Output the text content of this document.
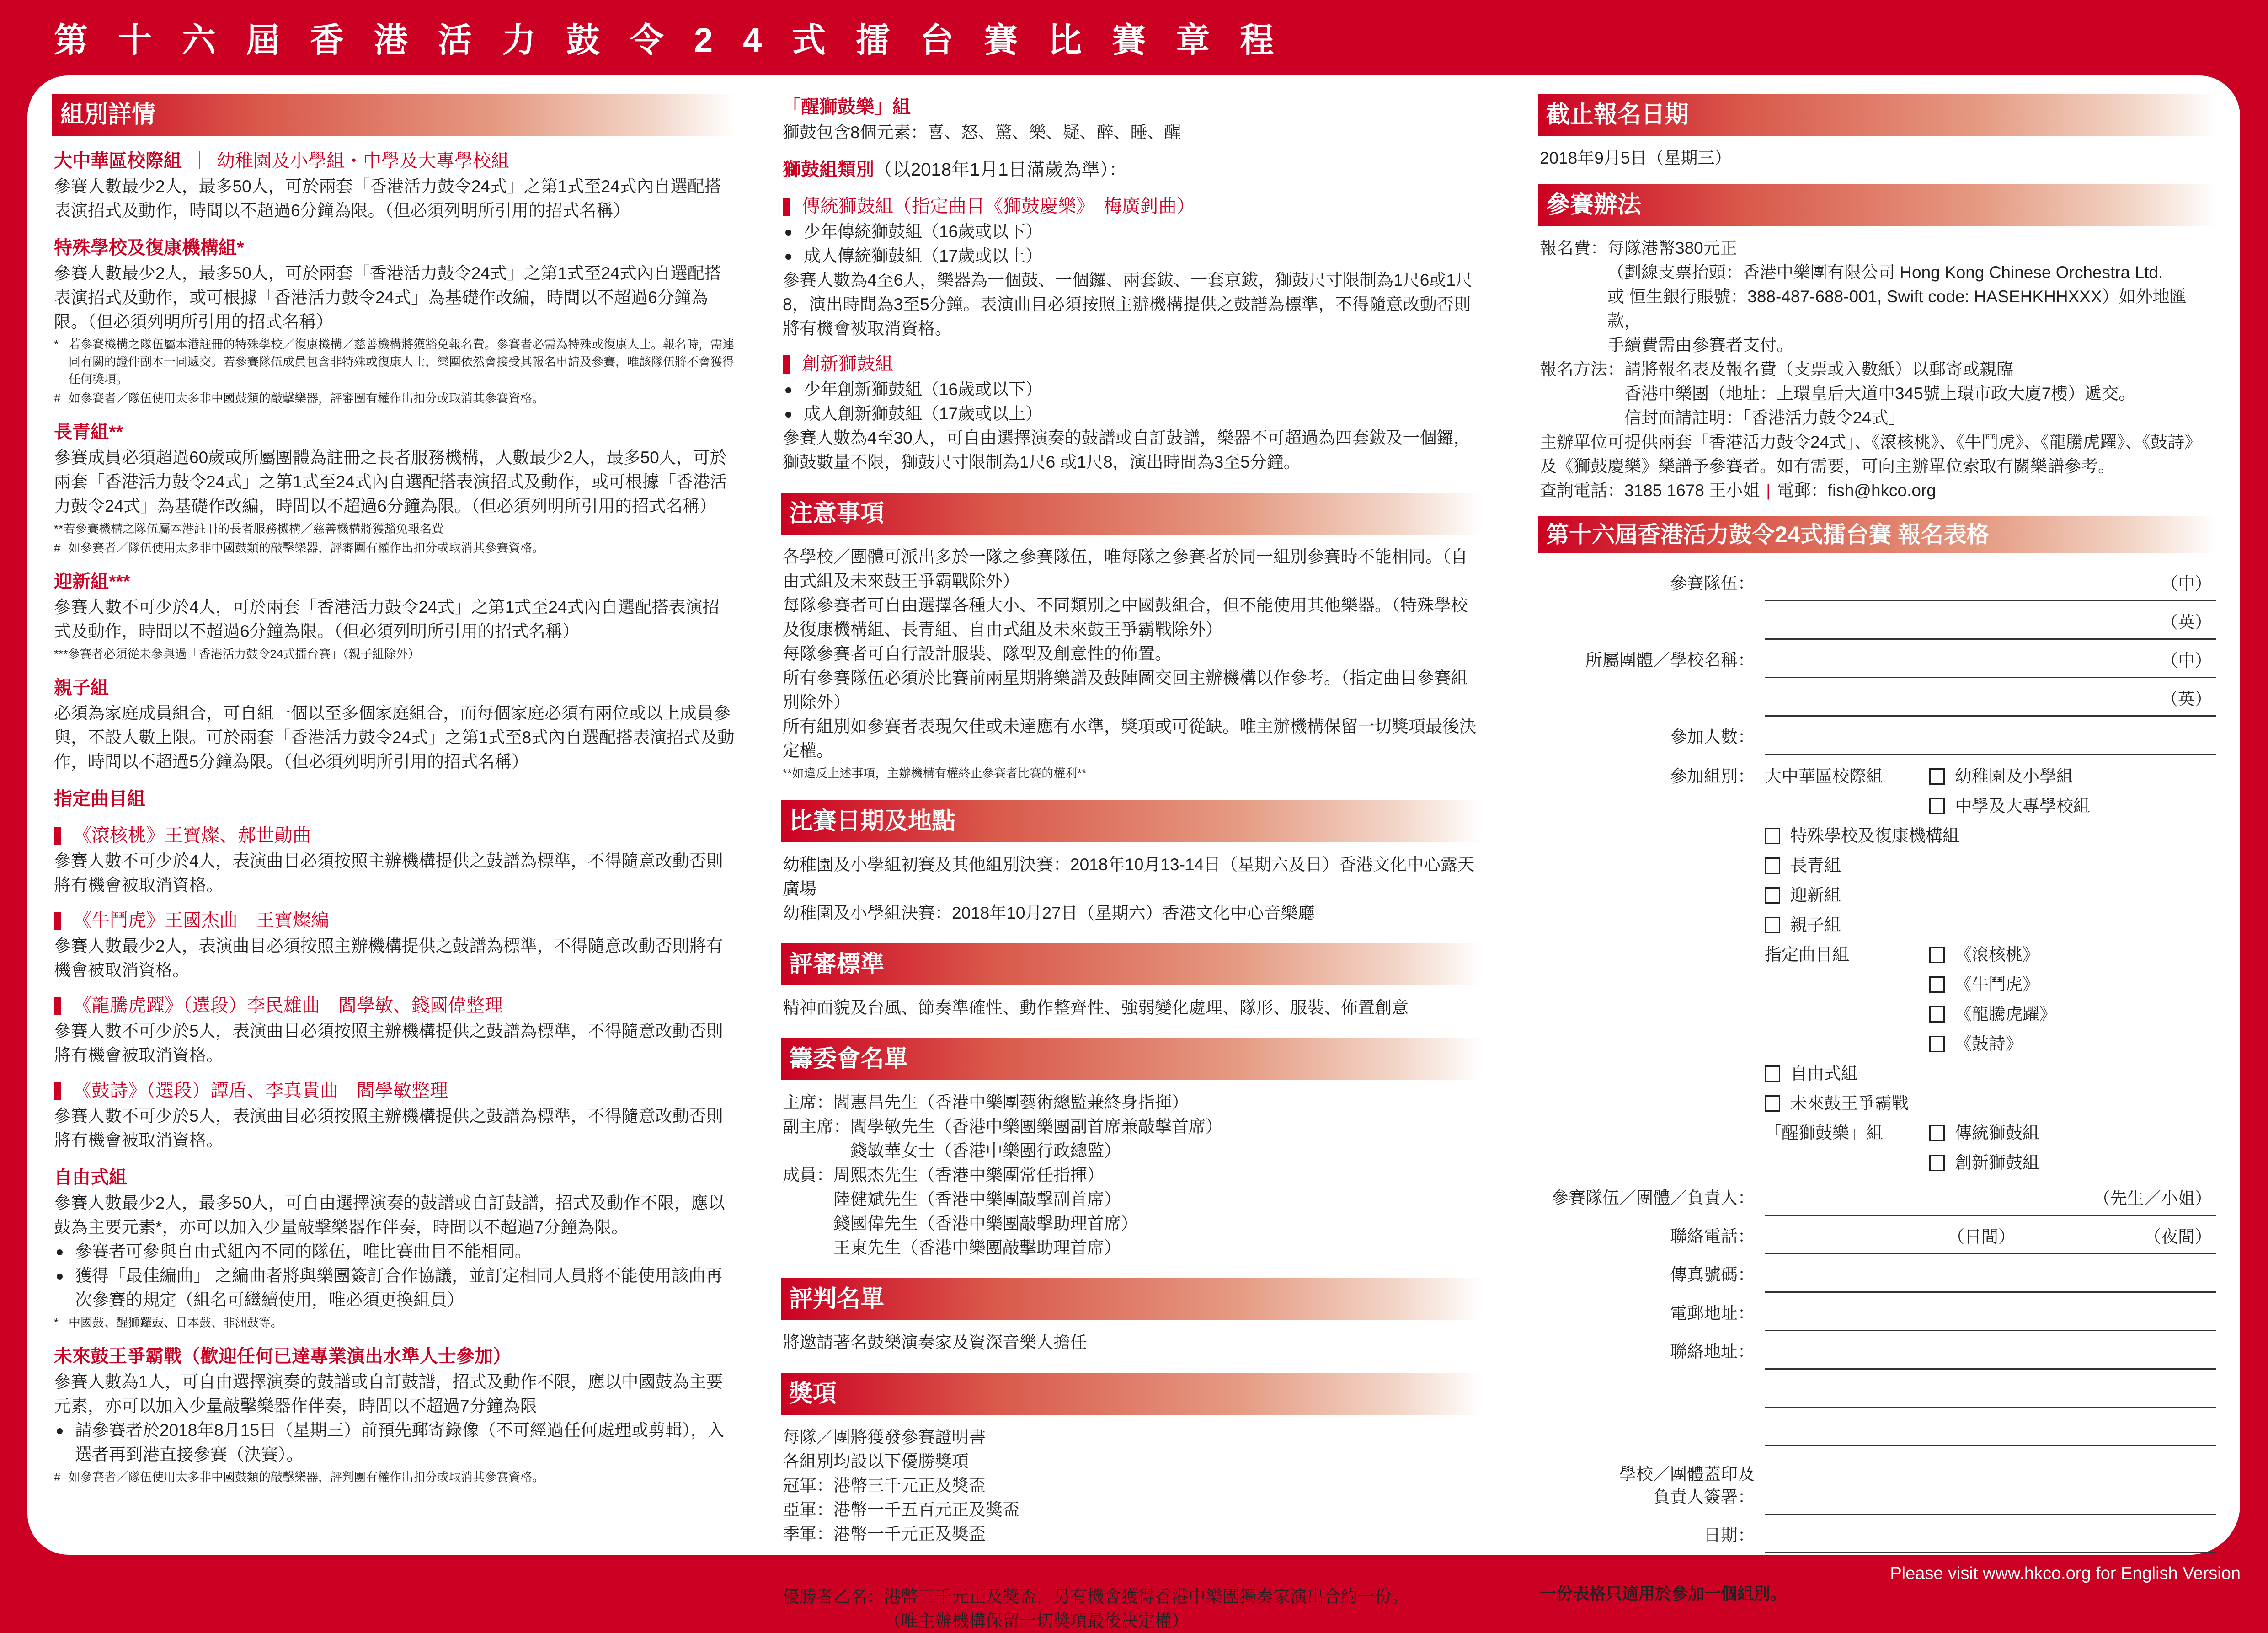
第十六屆香港活力鼓令24式擂台賽比賽章程
組別詳情
大中華區校際組 ｜ 幼稚園及小學組・中學及大專學校組
參賽人數最少2人，最多50人，可於兩套「香港活力鼓令24式」之第1式至24式內自選配搭表演招式及動作，時間以不超過6分鐘為限。（但必須列明所引用的招式名稱）
特殊學校及復康機構組*
參賽人數最少2人，最多50人，可於兩套「香港活力鼓令24式」之第1式至24式內自選配搭表演招式及動作，或可根據「香港活力鼓令24式」為基礎作改編，時間以不超過6分鐘為限。（但必須列明所引用的招式名稱）
* 若參賽機構之隊伍屬本港註冊的特殊學校／復康機構／慈善機構將獲豁免報名費。參賽者必需為特殊或復康人士。報名時，需連同有關的證件副本一同遞交。若參賽隊伍成員包含非特殊或復康人士，樂團依然會接受其報名申請及參賽，唯該隊伍將不會獲得任何獎項。
# 如參賽者／隊伍使用太多非中國鼓類的敲擊樂器，評審團有權作出扣分或取消其參賽資格。
長青組**
參賽成員必須超過60歲或所屬團體為註冊之長者服務機構，人數最少2人，最多50人，可於兩套「香港活力鼓令24式」之第1式至24式內自選配搭表演招式及動作，或可根據「香港活力鼓令24式」為基礎作改編，時間以不超過6分鐘為限。（但必須列明所引用的招式名稱）
**若參賽機構之隊伍屬本港註冊的長者服務機構／慈善機構將獲豁免報名費
# 如參賽者／隊伍使用太多非中國鼓類的敲擊樂器，評審團有權作出扣分或取消其參賽資格。
迎新組***
參賽人數不可少於4人，可於兩套「香港活力鼓令24式」之第1式至24式內自選配搭表演招式及動作，時間以不超過6分鐘為限。（但必須列明所引用的招式名稱）
***參賽者必須從未參與過「香港活力鼓令24式擂台賽」（親子組除外）
親子組
必須為家庭成員組合，可自組一個以至多個家庭組合，而每個家庭必須有兩位或以上成員參與，不設人數上限。可於兩套「香港活力鼓令24式」之第1式至8式內自選配搭表演招式及動作，時間以不超過5分鐘為限。（但必須列明所引用的招式名稱）
指定曲目組
《滾核桃》王寶燦、郝世勛曲
參賽人數不可少於4人，表演曲目必須按照主辦機構提供之鼓譜為標準，不得隨意改動否則將有機會被取消資格。
《牛鬥虎》王國杰曲　王寶燦編
參賽人數最少2人，表演曲目必須按照主辦機構提供之鼓譜為標準，不得隨意改動否則將有機會被取消資格。
《龍騰虎躍》（選段）李民雄曲　閻學敏、錢國偉整理
參賽人數不可少於5人，表演曲目必須按照主辦機構提供之鼓譜為標準，不得隨意改動否則將有機會被取消資格。
《鼓詩》（選段）譚盾、李真貴曲　閻學敏整理
參賽人數不可少於5人，表演曲目必須按照主辦機構提供之鼓譜為標準，不得隨意改動否則將有機會被取消資格。
自由式組
參賽人數最少2人，最多50人，可自由選擇演奏的鼓譜或自訂鼓譜，招式及動作不限，應以鼓為主要元素*，亦可以加入少量敲擊樂器作伴奏，時間以不超過7分鐘為限。
參賽者可參與自由式組內不同的隊伍，唯比賽曲目不能相同。
獲得「最佳編曲」 之編曲者將與樂團簽訂合作協議，並訂定相同人員將不能使用該曲再次參賽的規定（組名可繼續使用，唯必須更換組員）
* 中國鼓、醒獅鑼鼓、日本鼓、非洲鼓等。
未來鼓王爭霸戰（歡迎任何已達專業演出水準人士參加）
參賽人數為1人，可自由選擇演奏的鼓譜或自訂鼓譜，招式及動作不限，應以中國鼓為主要元素，亦可以加入少量敲擊樂器作伴奏，時間以不超過7分鐘為限
請參賽者於2018年8月15日（星期三）前預先郵寄錄像（不可經過任何處理或剪輯），入選者再到港直接參賽（決賽）。
# 如參賽者／隊伍使用太多非中國鼓類的敲擊樂器，評判團有權作出扣分或取消其參賽資格。
「醒獅鼓樂」組
獅鼓包含8個元素：喜、怒、驚、樂、疑、醉、睡、醒
獅鼓組類別（以2018年1月1日滿歲為準）：
傳統獅鼓組（指定曲目《獅鼓慶樂》　梅廣釗曲）
少年傳統獅鼓組（16歲或以下）
成人傳統獅鼓組（17歲或以上）
參賽人數為4至6人，樂器為一個鼓、一個鑼、兩套鈸、一套京鈸，獅鼓尺寸限制為1尺6或1尺8，演出時間為3至5分鐘。表演曲目必須按照主辦機構提供之鼓譜為標準，不得隨意改動否則將有機會被取消資格。
創新獅鼓組
少年創新獅鼓組（16歲或以下）
成人創新獅鼓組（17歲或以上）
參賽人數為4至30人，可自由選擇演奏的鼓譜或自訂鼓譜，樂器不可超過為四套鈸及一個鑼，獅鼓數量不限，獅鼓尺寸限制為1尺6 或1尺8，演出時間為3至5分鐘。
注意事項
各學校／團體可派出多於一隊之參賽隊伍，唯每隊之參賽者於同一組別參賽時不能相同。（自由式組及未來鼓王爭霸戰除外）
每隊參賽者可自由選擇各種大小、不同類別之中國鼓組合，但不能使用其他樂器。（特殊學校及復康機構組、長青組、自由式組及未來鼓王爭霸戰除外）
每隊參賽者可自行設計服裝、隊型及創意性的佈置。
所有參賽隊伍必須於比賽前兩星期將樂譜及鼓陣圖交回主辦機構以作參考。（指定曲目參賽組別除外）
所有組別如參賽者表現欠佳或未達應有水準，獎項或可從缺。唯主辦機構保留一切獎項最後決定權。
**如違反上述事項，主辦機構有權終止參賽者比賽的權利**
比賽日期及地點
幼稚園及小學組初賽及其他組別決賽：2018年10月13-14日（星期六及日）香港文化中心露天廣場
幼稚園及小學組決賽：2018年10月27日（星期六）香港文化中心音樂廳
評審標準
精神面貌及台風、節奏準確性、動作整齊性、強弱變化處理、隊形、服裝、佈置創意
籌委會名單
主席： 閻惠昌先生（香港中樂團藝術總監兼終身指揮）
副主席： 閻學敏先生（香港中樂團樂團副首席兼敲擊首席）
錢敏華女士（香港中樂團行政總監）
成員： 周熙杰先生（香港中樂團常任指揮）
陸健斌先生（香港中樂團敲擊副首席）
錢國偉先生（香港中樂團敲擊助理首席）
王東先生（香港中樂團敲擊助理首席）
評判名單
將邀請著名鼓樂演奏家及資深音樂人擔任
獎項
每隊／團將獲發參賽證明書
各組別均設以下優勝獎項
冠軍：港幣三千元正及獎盃
亞軍：港幣一千五百元正及獎盃
季軍：港幣一千元正及獎盃
未來鼓王爭霸戰比賽
優勝者乙名： 港幣三千元正及獎盃，另有機會獲得香港中樂團獨奏家演出合約一份。
（唯主辦機構保留一切獎項最後決定權）
截止報名日期
2018年9月5日（星期三）
參賽辦法
報名費： 每隊港幣380元正
（劃線支票抬頭：香港中樂團有限公司 Hong Kong Chinese Orchestra Ltd.
或 恒生銀行賬號：388-487-688-001, Swift code: HASEHKHHXXX）如外地匯款，
手續費需由參賽者支付。
報名方法： 請將報名表及報名費（支票或入數紙）以郵寄或親臨
香港中樂團（地址：上環皇后大道中345號上環市政大廈7樓）遞交。
信封面請註明：「香港活力鼓令24式」
主辦單位可提供兩套「香港活力鼓令24式」、《滾核桃》、《牛鬥虎》、《龍騰虎躍》、《鼓詩》及《獅鼓慶樂》樂譜予參賽者。如有需要，可向主辦單位索取有關樂譜參考。
查詢電話：3185 1678 王小姐 | 電郵：fish@hkco.org
第十六屆香港活力鼓令24式擂台賽 報名表格
參賽隊伍：	（中）
（英）
所屬團體／學校名稱：	（中）
（英）
參加人數：
參加組別： 大中華區校際組	幼稚園及小學組
中學及大專學校組
特殊學校及復康機構組
長青組
迎新組
親子組
指定曲目組	《滾核桃》
《牛鬥虎》
《龍騰虎躍》
《鼓詩》
自由式組
未來鼓王爭霸戰
「醒獅鼓樂」組	傳統獅鼓組
創新獅鼓組
參賽隊伍／團體／負責人：	（先生／小姐）
聯絡電話：	（日間）	（夜間）
傳真號碼：
電郵地址：
聯絡地址：
學校／團體蓋印及
負責人簽署：
日期：
一份表格只適用於參加一個組別。
Please visit www.hkco.org for English Version
